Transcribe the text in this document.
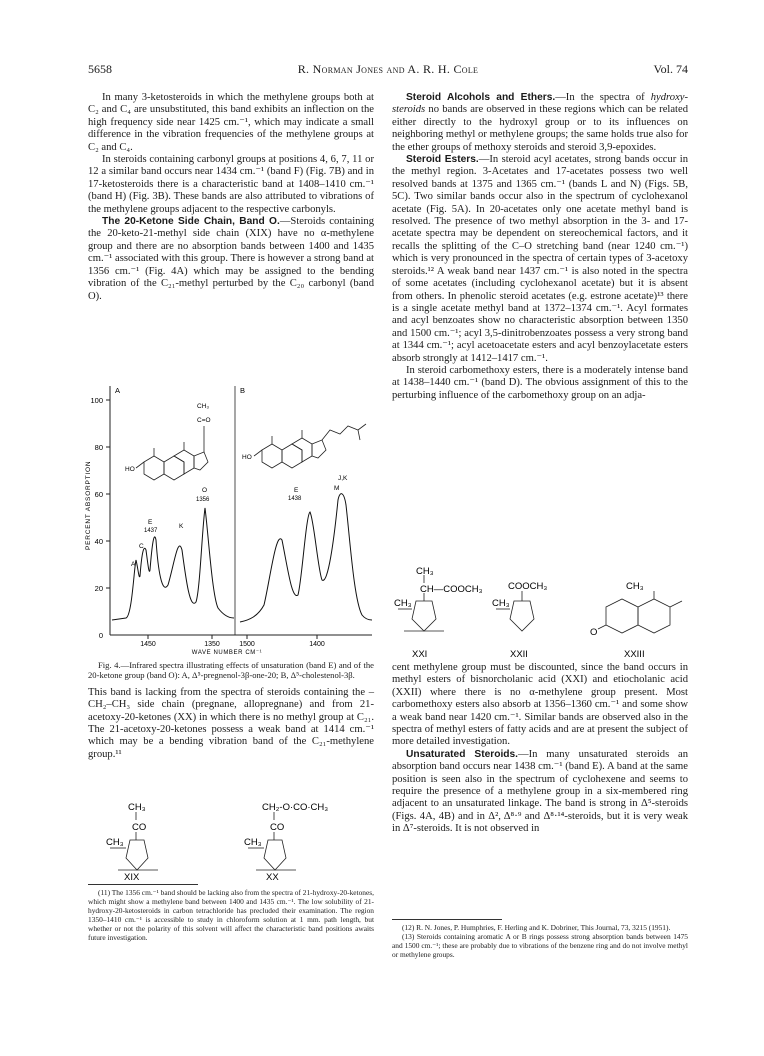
5658	R. Norman Jones and A. R. H. Cole	Vol. 74

In many 3-ketosteroids in which the methylene groups both at C₂ and C₄ are unsubstituted, this band exhibits an inflection on the high frequency side near 1425 cm.⁻¹, which may indicate a small difference in the vibration frequencies of the methylene groups at C₂ and C₄.

In steroids containing carbonyl groups at positions 4, 6, 7, 11 or 12 a similar band occurs near 1434 cm.⁻¹ (band F) (Fig. 7B) and in 17-ketosteroids there is a characteristic band at 1408–1410 cm.⁻¹ (band H) (Fig. 3B). These bands are also attributed to vibrations of the methylene groups adjacent to the respective carbonyls.

The 20-Ketone Side Chain, Band O.—Steroids containing the 20-keto-21-methyl side chain (XIX) have no α-methylene group and there are no absorption bands between 1400 and 1435 cm.⁻¹ associated with this group. There is however a strong band at 1356 cm.⁻¹ (Fig. 4A) which may be assigned to the bending vibration of the C₂₁-methyl perturbed by the C₂₀ carbonyl (band O).

100
80
60
40
20
0
PERCENT ABSORPTION
1450	1350	1500	1400
WAVE NUMBER CM⁻¹
A	B
CH₃
C=O
HO
HO
A
C
E
1437
K
O
1356
E
1438
J,K
M

Fig. 4.—Infrared spectra illustrating effects of unsaturation (band E) and of the 20-ketone group (band O): A, Δ⁵-pregnenol-3β-one-20; B, Δ⁵-cholestenol-3β.

This band is lacking from the spectra of steroids containing the –CH₂–CH₃ side chain (pregnane, allopregnane) and from 21-acetoxy-20-ketones (XX) in which there is no methyl group at C₂₁. The 21-acetoxy-20-ketones possess a weak band at 1414 cm.⁻¹ which may be a bending vibration band of the C₂₁-methylene group.¹¹

CH₃
CO
CH₃
XIX
CH₂-O·CO·CH₃
CO
CH₃
XX

(11) The 1356 cm.⁻¹ band should be lacking also from the spectra of 21-hydroxy-20-ketones, which might show a methylene band between 1400 and 1435 cm.⁻¹. The low solubility of 21-hydroxy-20-ketosteroids in carbon tetrachloride has precluded their examination. The region 1350–1410 cm.⁻¹ is accessible to study in chloroform solution at 1 mm. path length, but whether or not the polarity of this solvent will affect the characteristic band positions awaits future investigation.

Steroid Alcohols and Ethers.—In the spectra of hydroxy-steroids no bands are observed in these regions which can be related either directly to the hydroxyl group or to its influences on neighboring methyl or methylene groups; the same holds true also for the ether groups of methoxy steroids and steroid 3,9-epoxides.

Steroid Esters.—In steroid acyl acetates, strong bands occur in the methyl region. 3-Acetates and 17-acetates possess two well resolved bands at 1375 and 1365 cm.⁻¹ (bands L and N) (Figs. 5B, 5C). Two similar bands occur also in the spectrum of cyclohexanol acetate (Fig. 5A). In 20-acetates only one acetate methyl band is resolved. The presence of two methyl absorption in the 3- and 17-acetate spectra may be dependent on stereochemical factors, and it recalls the splitting of the C–O stretching band (near 1240 cm.⁻¹) which is very pronounced in the spectra of certain types of 3-acetoxy steroids.¹² A weak band near 1437 cm.⁻¹ is also noted in the spectra of some acetates (including cyclohexanol acetate) but it is absent from others. In phenolic steroid acetates (e.g. estrone acetate)¹³ there is a single acetate methyl band at 1372–1374 cm.⁻¹. Acyl formates and acyl benzoates show no characteristic absorption between 1350 and 1500 cm.⁻¹; acyl 3,5-dinitrobenzoates possess a very strong band at 1344 cm.⁻¹; acyl acetoacetate esters and acyl benzoylacetate esters absorb strongly at 1412–1417 cm.⁻¹.

In steroid carbomethoxy esters, there is a moderately intense band at 1438–1440 cm.⁻¹ (band D). The obvious assignment of this to the perturbing influence of the carbomethoxy group on an adja-

CH₃
CH—COOCH₃
CH₃
XXI
COOCH₃
CH₃
XXII
CH₃
O
XXIII

cent methylene group must be discounted, since the band occurs in methyl esters of bisnorcholanic acid (XXI) and etiocholanic acid (XXII) where there is no α-methylene group present. Most carbomethoxy esters also absorb at 1356–1360 cm.⁻¹ and some show a weak band near 1420 cm.⁻¹. Similar bands are observed also in the spectra of methyl esters of fatty acids and are at present the subject of more detailed investigation.

Unsaturated Steroids.—In many unsaturated steroids an absorption band occurs near 1438 cm.⁻¹ (band E). A band at the same position is seen also in the spectrum of cyclohexene and seems to require the presence of a methylene group in a six-membered ring adjacent to an unsaturated linkage. The band is strong in Δ⁵-steroids (Figs. 4A, 4B) and in Δ², Δ⁸·⁹ and Δ⁸·¹⁴-steroids, but it is very weak in Δ⁷-steroids. It is not observed in

(12) R. N. Jones, P. Humphries, F. Herling and K. Dobriner, This Journal, 73, 3215 (1951).

(13) Steroids containing aromatic A or B rings possess strong absorption bands between 1475 and 1500 cm.⁻¹; these are probably due to vibrations of the benzene ring and do not involve methyl or methylene groups.
